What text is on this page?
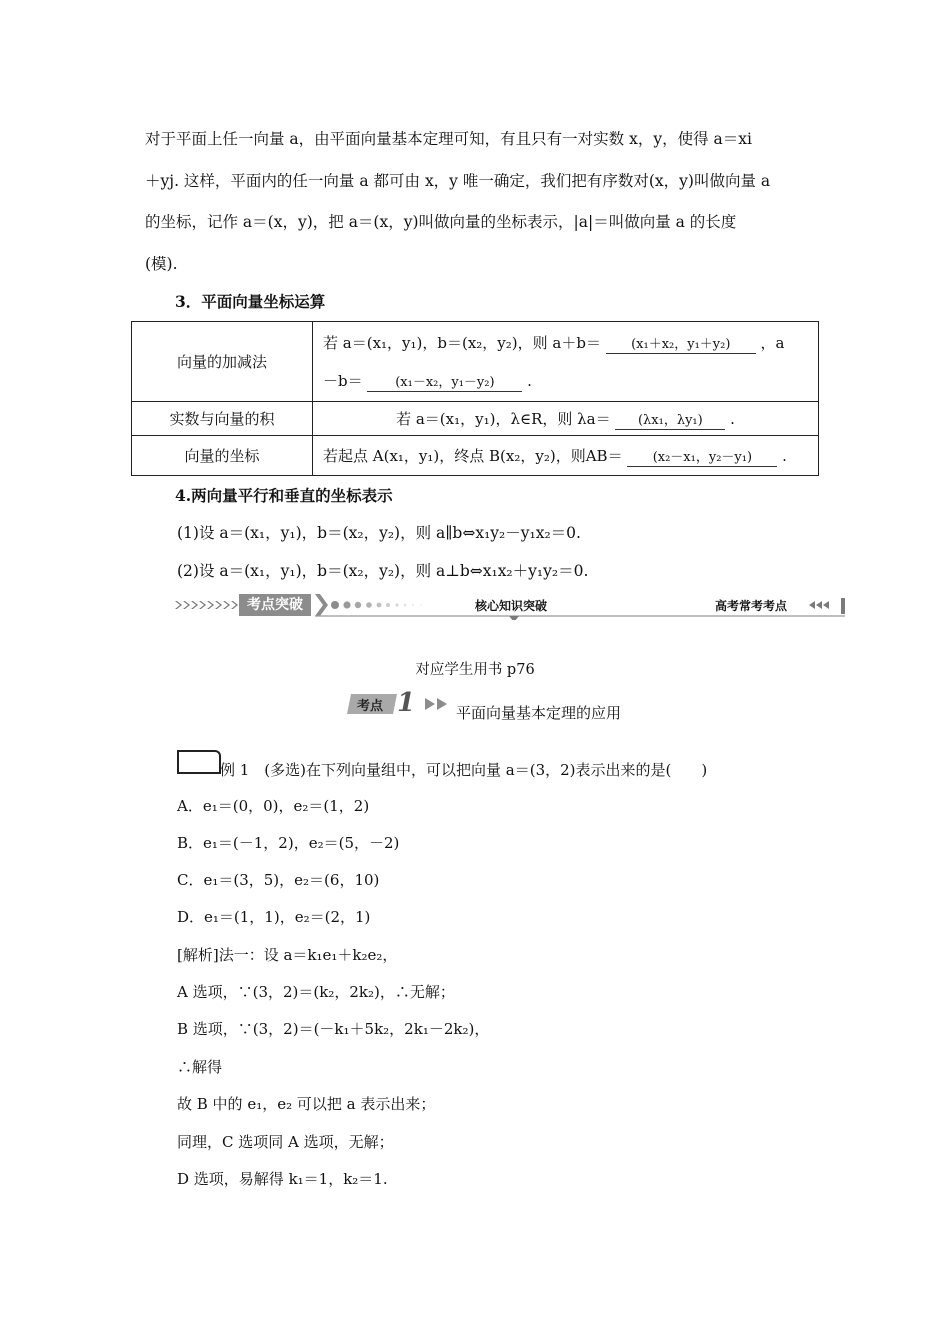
对于平面上任一向量 a，由平面向量基本定理可知，有且只有一对实数 x，y，使得 a＝xi
＋yj. 这样，平面内的任一向量 a 都可由 x，y 唯一确定，我们把有序数对(x，y)叫做向量 a
的坐标，记作 a＝(x，y)，把 a＝(x，y)叫做向量的坐标表示，|a|＝叫做向量 a 的长度
(模).
3．平面向量坐标运算
向量的加减法	若 a＝(x₁，y₁)，b＝(x₂，y₂)，则 a＋b＝ (x₁＋x₂，y₁＋y₂) ，a
－b＝ (x₁－x₂，y₁－y₂) .
实数与向量的积	若 a＝(x₁，y₁)，λ∈R，则 λa＝ (λx₁，λy₁) .
向量的坐标	若起点 A(x₁，y₁)，终点 B(x₂，y₂)，则AB＝ (x₂－x₁，y₂－y₁) .
4.两向量平行和垂直的坐标表示
(1)设 a＝(x₁，y₁)，b＝(x₂，y₂)，则 a∥b⇔x₁y₂－y₁x₂＝0.
(2)设 a＝(x₁，y₁)，b＝(x₂，y₂)，则 a⊥b⇔x₁x₂＋y₁y₂＝0.
考点突破	核心知识突破	高考常考考点
对应学生用书 p76
考点 1	平面向量基本定理的应用
例 1　(多选)在下列向量组中，可以把向量 a＝(3，2)表示出来的是(　　)
A．e₁＝(0，0)，e₂＝(1，2)
B．e₁＝(－1，2)，e₂＝(5，－2)
C．e₁＝(3，5)，e₂＝(6，10)
D．e₁＝(1，1)，e₂＝(2，1)
[解析]法一：设 a＝k₁e₁＋k₂e₂，
A 选项，∵(3，2)＝(k₂，2k₂)，∴无解；
B 选项，∵(3，2)＝(－k₁＋5k₂，2k₁－2k₂)，
∴解得
故 B 中的 e₁，e₂ 可以把 a 表示出来；
同理，C 选项同 A 选项，无解；
D 选项，易解得 k₁＝1，k₂＝1.
